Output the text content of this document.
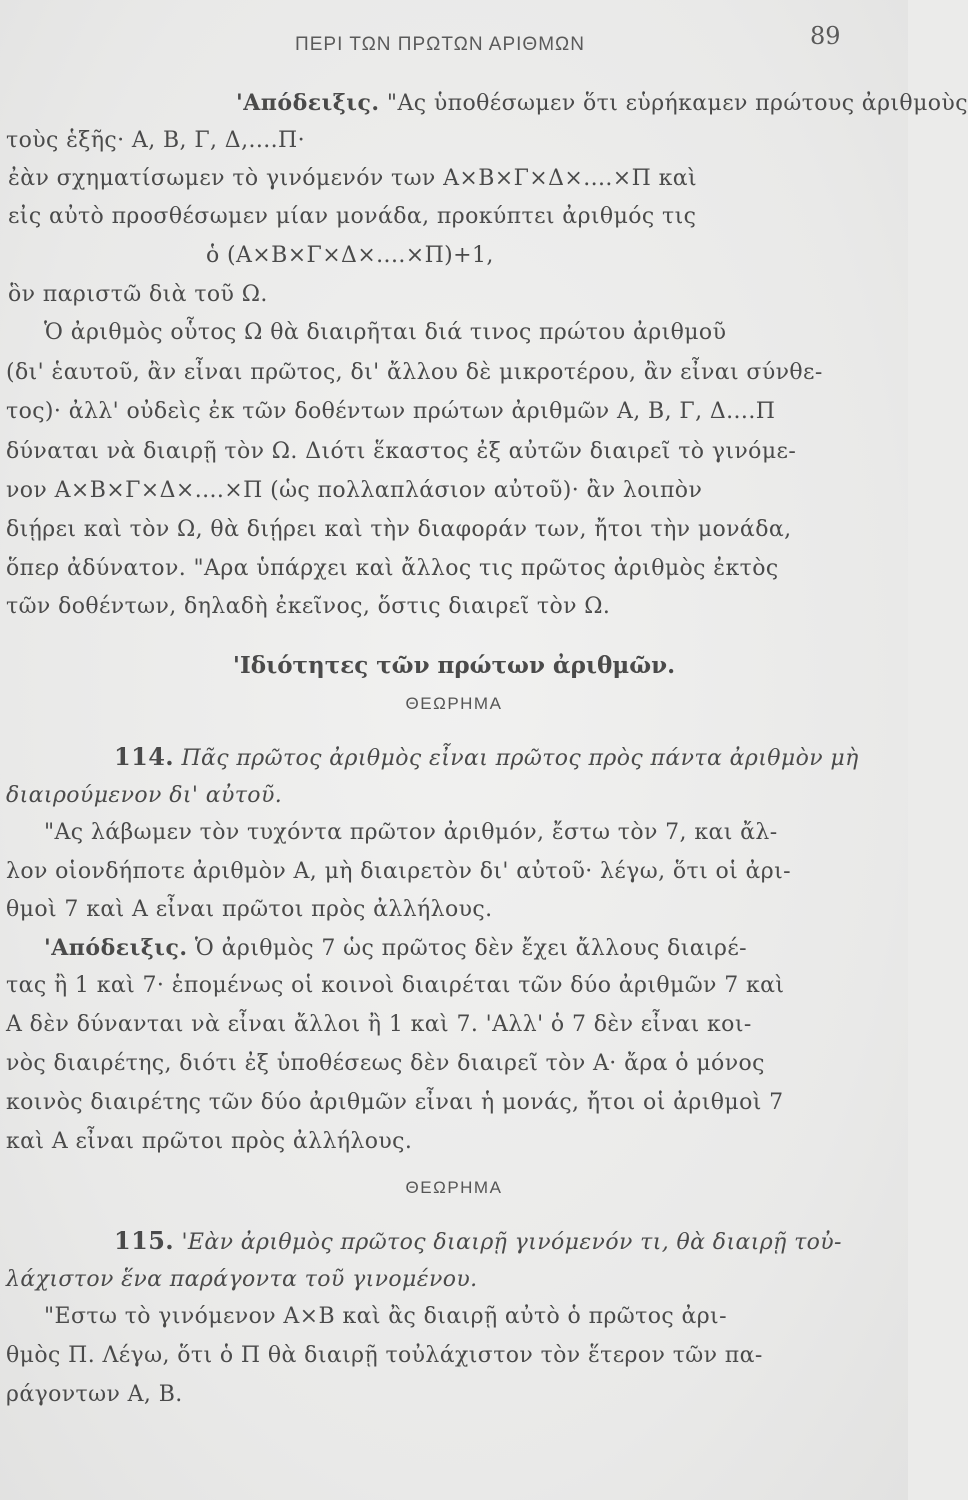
ΠΕΡΙ ΤΩΝ ΠΡΩΤΩΝ ΑΡΙΘΜΩΝ	89
'Απόδειξις. "Ας ὑποθέσωμεν ὅτι εὑρήκαμεν πρώτους ἀριθμοὺς
τοὺς ἑξῆς· Α, Β, Γ, Δ,....Π·
ἐὰν σχηματίσωμεν τὸ γινόμενόν των Α×Β×Γ×Δ×....×Π καὶ
εἰς αὐτὸ προσθέσωμεν μίαν μονάδα, προκύπτει ἀριθμός τις
ὁ (Α×Β×Γ×Δ×....×Π)+1,
ὃν παριστῶ διὰ τοῦ Ω.
Ὁ ἀριθμὸς οὗτος Ω θὰ διαιρῆται διά τινος πρώτου ἀριθμοῦ
(δι' ἑαυτοῦ, ἂν εἶναι πρῶτος, δι' ἄλλου δὲ μικροτέρου, ἂν εἶναι σύνθε-
τος)· ἀλλ' οὐδεὶς ἐκ τῶν δοθέντων πρώτων ἀριθμῶν Α, Β, Γ, Δ....Π
δύναται νὰ διαιρῇ τὸν Ω. Διότι ἕκαστος ἐξ αὐτῶν διαιρεῖ τὸ γινόμε-
νον Α×Β×Γ×Δ×....×Π (ὡς πολλαπλάσιον αὐτοῦ)· ἂν λοιπὸν
διῄρει καὶ τὸν Ω, θὰ διῄρει καὶ τὴν διαφοράν των, ἤτοι τὴν μονάδα,
ὅπερ ἀδύνατον. "Αρα ὑπάρχει καὶ ἄλλος τις πρῶτος ἀριθμὸς ἐκτὸς
τῶν δοθέντων, δηλαδὴ ἐκεῖνος, ὅστις διαιρεῖ τὸν Ω.
'Ιδιότητες τῶν πρώτων ἀριθμῶν.
ΘΕΩΡΗΜΑ
114. Πᾶς πρῶτος ἀριθμὸς εἶναι πρῶτος πρὸς πάντα ἀριθμὸν μὴ
διαιρούμενον δι' αὐτοῦ.
"Ας λάβωμεν τὸν τυχόντα πρῶτον ἀριθμόν, ἔστω τὸν 7, και ἄλ-
λον οἱονδήποτε ἀριθμὸν Α, μὴ διαιρετὸν δι' αὐτοῦ· λέγω, ὅτι οἱ ἀρι-
θμοὶ 7 καὶ Α εἶναι πρῶτοι πρὸς ἀλλήλους.
'Απόδειξις. Ὁ ἀριθμὸς 7 ὡς πρῶτος δὲν ἔχει ἄλλους διαιρέ-
τας ἢ 1 καὶ 7· ἑπομένως οἱ κοινοὶ διαιρέται τῶν δύο ἀριθμῶν 7 καὶ
Α δὲν δύνανται νὰ εἶναι ἄλλοι ἢ 1 καὶ 7. 'Αλλ' ὁ 7 δὲν εἶναι κοι-
νὸς διαιρέτης, διότι ἐξ ὑποθέσεως δὲν διαιρεῖ τὸν Α· ἄρα ὁ μόνος
κοινὸς διαιρέτης τῶν δύο ἀριθμῶν εἶναι ἡ μονάς, ἤτοι οἱ ἀριθμοὶ 7
καὶ Α εἶναι πρῶτοι πρὸς ἀλλήλους.
ΘΕΩΡΗΜΑ
115. 'Εὰν ἀριθμὸς πρῶτος διαιρῇ γινόμενόν τι, θὰ διαιρῇ τοὐ-
λάχιστον ἕνα παράγοντα τοῦ γινομένου.
"Εστω τὸ γινόμενον Α×Β καὶ ἂς διαιρῇ αὐτὸ ὁ πρῶτος ἀρι-
θμὸς Π. Λέγω, ὅτι ὁ Π θὰ διαιρῇ τοὐλάχιστον τὸν ἕτερον τῶν πα-
ράγοντων Α, Β.
